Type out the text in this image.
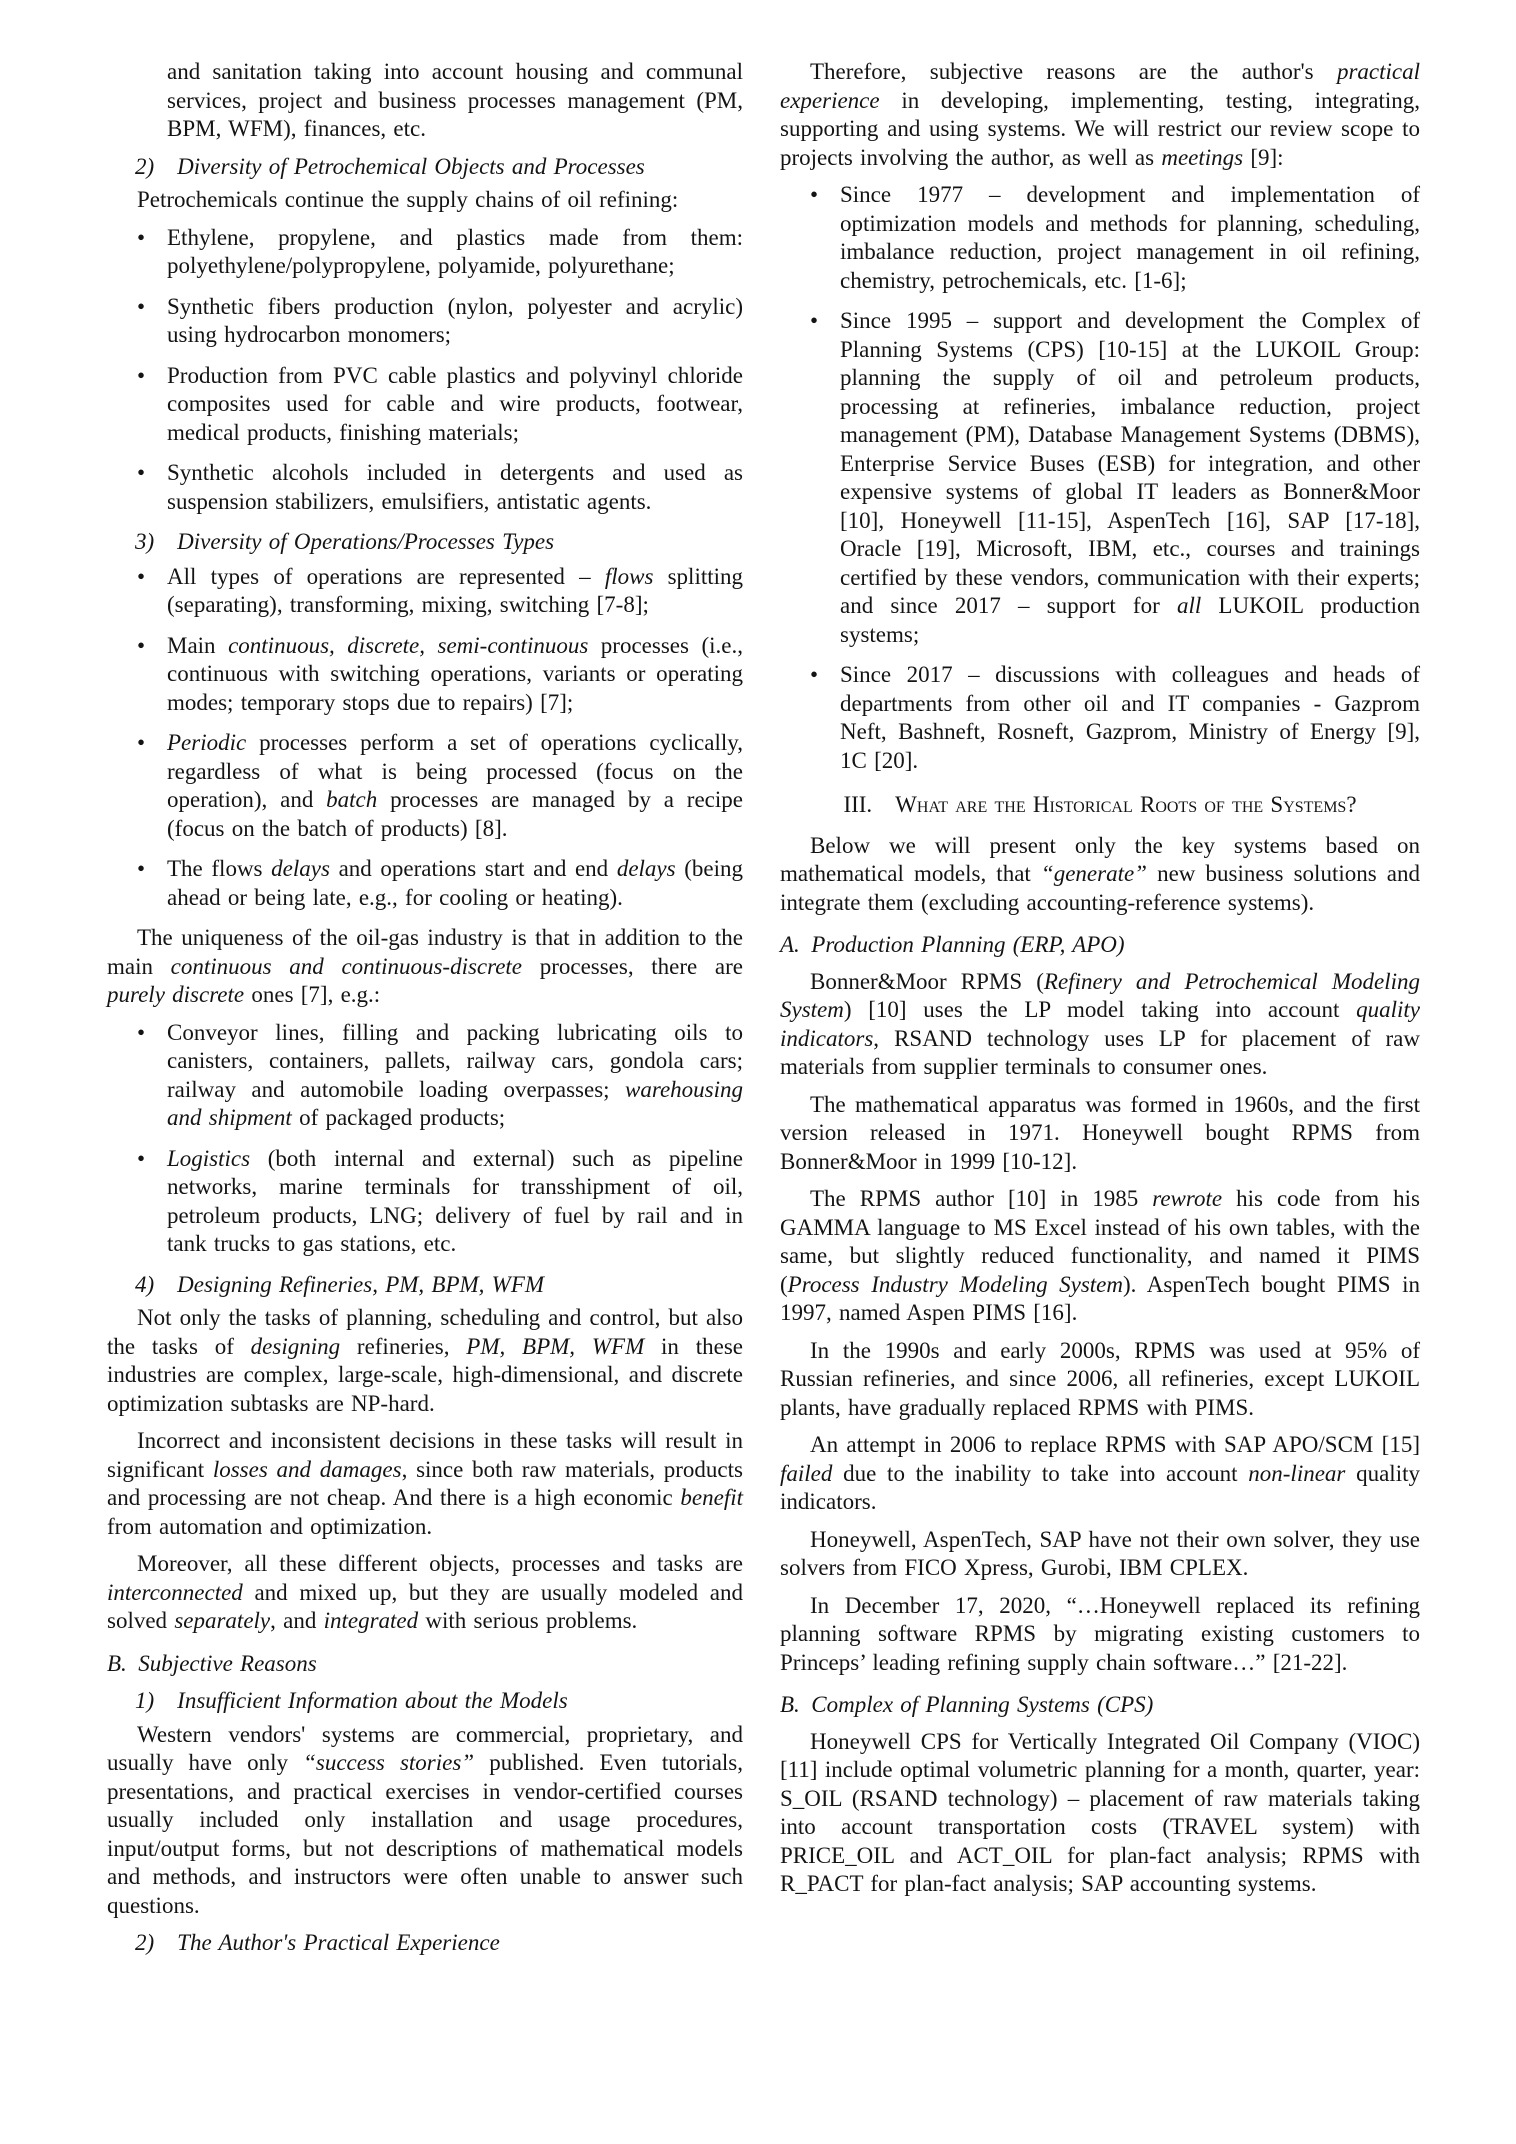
and sanitation taking into account housing and communal services, project and business processes management (PM, BPM, WFM), finances, etc.
2) Diversity of Petrochemical Objects and Processes
Petrochemicals continue the supply chains of oil refining:
• Ethylene, propylene, and plastics made from them: polyethylene/polypropylene, polyamide, polyurethane;
• Synthetic fibers production (nylon, polyester and acrylic) using hydrocarbon monomers;
• Production from PVC cable plastics and polyvinyl chloride composites used for cable and wire products, footwear, medical products, finishing materials;
• Synthetic alcohols included in detergents and used as suspension stabilizers, emulsifiers, antistatic agents.
3) Diversity of Operations/Processes Types
• All types of operations are represented – flows splitting (separating), transforming, mixing, switching [7-8];
• Main continuous, discrete, semi-continuous processes (i.e., continuous with switching operations, variants or operating modes; temporary stops due to repairs) [7];
• Periodic processes perform a set of operations cyclically, regardless of what is being processed (focus on the operation), and batch processes are managed by a recipe (focus on the batch of products) [8].
• The flows delays and operations start and end delays (being ahead or being late, e.g., for cooling or heating).
The uniqueness of the oil-gas industry is that in addition to the main continuous and continuous-discrete processes, there are purely discrete ones [7], e.g.:
• Conveyor lines, filling and packing lubricating oils to canisters, containers, pallets, railway cars, gondola cars; railway and automobile loading overpasses; warehousing and shipment of packaged products;
• Logistics (both internal and external) such as pipeline networks, marine terminals for transshipment of oil, petroleum products, LNG; delivery of fuel by rail and in tank trucks to gas stations, etc.
4) Designing Refineries, PM, BPM, WFM
Not only the tasks of planning, scheduling and control, but also the tasks of designing refineries, PM, BPM, WFM in these industries are complex, large-scale, high-dimensional, and discrete optimization subtasks are NP-hard.
Incorrect and inconsistent decisions in these tasks will result in significant losses and damages, since both raw materials, products and processing are not cheap. And there is a high economic benefit from automation and optimization.
Moreover, all these different objects, processes and tasks are interconnected and mixed up, but they are usually modeled and solved separately, and integrated with serious problems.
B. Subjective Reasons
1) Insufficient Information about the Models
Western vendors' systems are commercial, proprietary, and usually have only “success stories” published. Even tutorials, presentations, and practical exercises in vendor-certified courses usually included only installation and usage procedures, input/output forms, but not descriptions of mathematical models and methods, and instructors were often unable to answer such questions.
2) The Author's Practical Experience
Therefore, subjective reasons are the author's practical experience in developing, implementing, testing, integrating, supporting and using systems. We will restrict our review scope to projects involving the author, as well as meetings [9]:
• Since 1977 – development and implementation of optimization models and methods for planning, scheduling, imbalance reduction, project management in oil refining, chemistry, petrochemicals, etc. [1-6];
• Since 1995 – support and development the Complex of Planning Systems (CPS) [10-15] at the LUKOIL Group: planning the supply of oil and petroleum products, processing at refineries, imbalance reduction, project management (PM), Database Management Systems (DBMS), Enterprise Service Buses (ESB) for integration, and other expensive systems of global IT leaders as Bonner&Moor [10], Honeywell [11-15], AspenTech [16], SAP [17-18], Oracle [19], Microsoft, IBM, etc., courses and trainings certified by these vendors, communication with their experts; and since 2017 – support for all LUKOIL production systems;
• Since 2017 – discussions with colleagues and heads of departments from other oil and IT companies - Gazprom Neft, Bashneft, Rosneft, Gazprom, Ministry of Energy [9], 1C [20].
III. What are the Historical Roots of the Systems?
Below we will present only the key systems based on mathematical models, that “generate” new business solutions and integrate them (excluding accounting-reference systems).
A. Production Planning (ERP, APO)
Bonner&Moor RPMS (Refinery and Petrochemical Modeling System) [10] uses the LP model taking into account quality indicators, RSAND technology uses LP for placement of raw materials from supplier terminals to consumer ones.
The mathematical apparatus was formed in 1960s, and the first version released in 1971. Honeywell bought RPMS from Bonner&Moor in 1999 [10-12].
The RPMS author [10] in 1985 rewrote his code from his GAMMA language to MS Excel instead of his own tables, with the same, but slightly reduced functionality, and named it PIMS (Process Industry Modeling System). AspenTech bought PIMS in 1997, named Aspen PIMS [16].
In the 1990s and early 2000s, RPMS was used at 95% of Russian refineries, and since 2006, all refineries, except LUKOIL plants, have gradually replaced RPMS with PIMS.
An attempt in 2006 to replace RPMS with SAP APO/SCM [15] failed due to the inability to take into account non-linear quality indicators.
Honeywell, AspenTech, SAP have not their own solver, they use solvers from FICO Xpress, Gurobi, IBM CPLEX.
In December 17, 2020, “…Honeywell replaced its refining planning software RPMS by migrating existing customers to Princeps’ leading refining supply chain software…” [21-22].
B. Complex of Planning Systems (CPS)
Honeywell CPS for Vertically Integrated Oil Company (VIOC) [11] include optimal volumetric planning for a month, quarter, year: S_OIL (RSAND technology) – placement of raw materials taking into account transportation costs (TRAVEL system) with PRICE_OIL and ACT_OIL for plan-fact analysis; RPMS with R_PACT for plan-fact analysis; SAP accounting systems.
